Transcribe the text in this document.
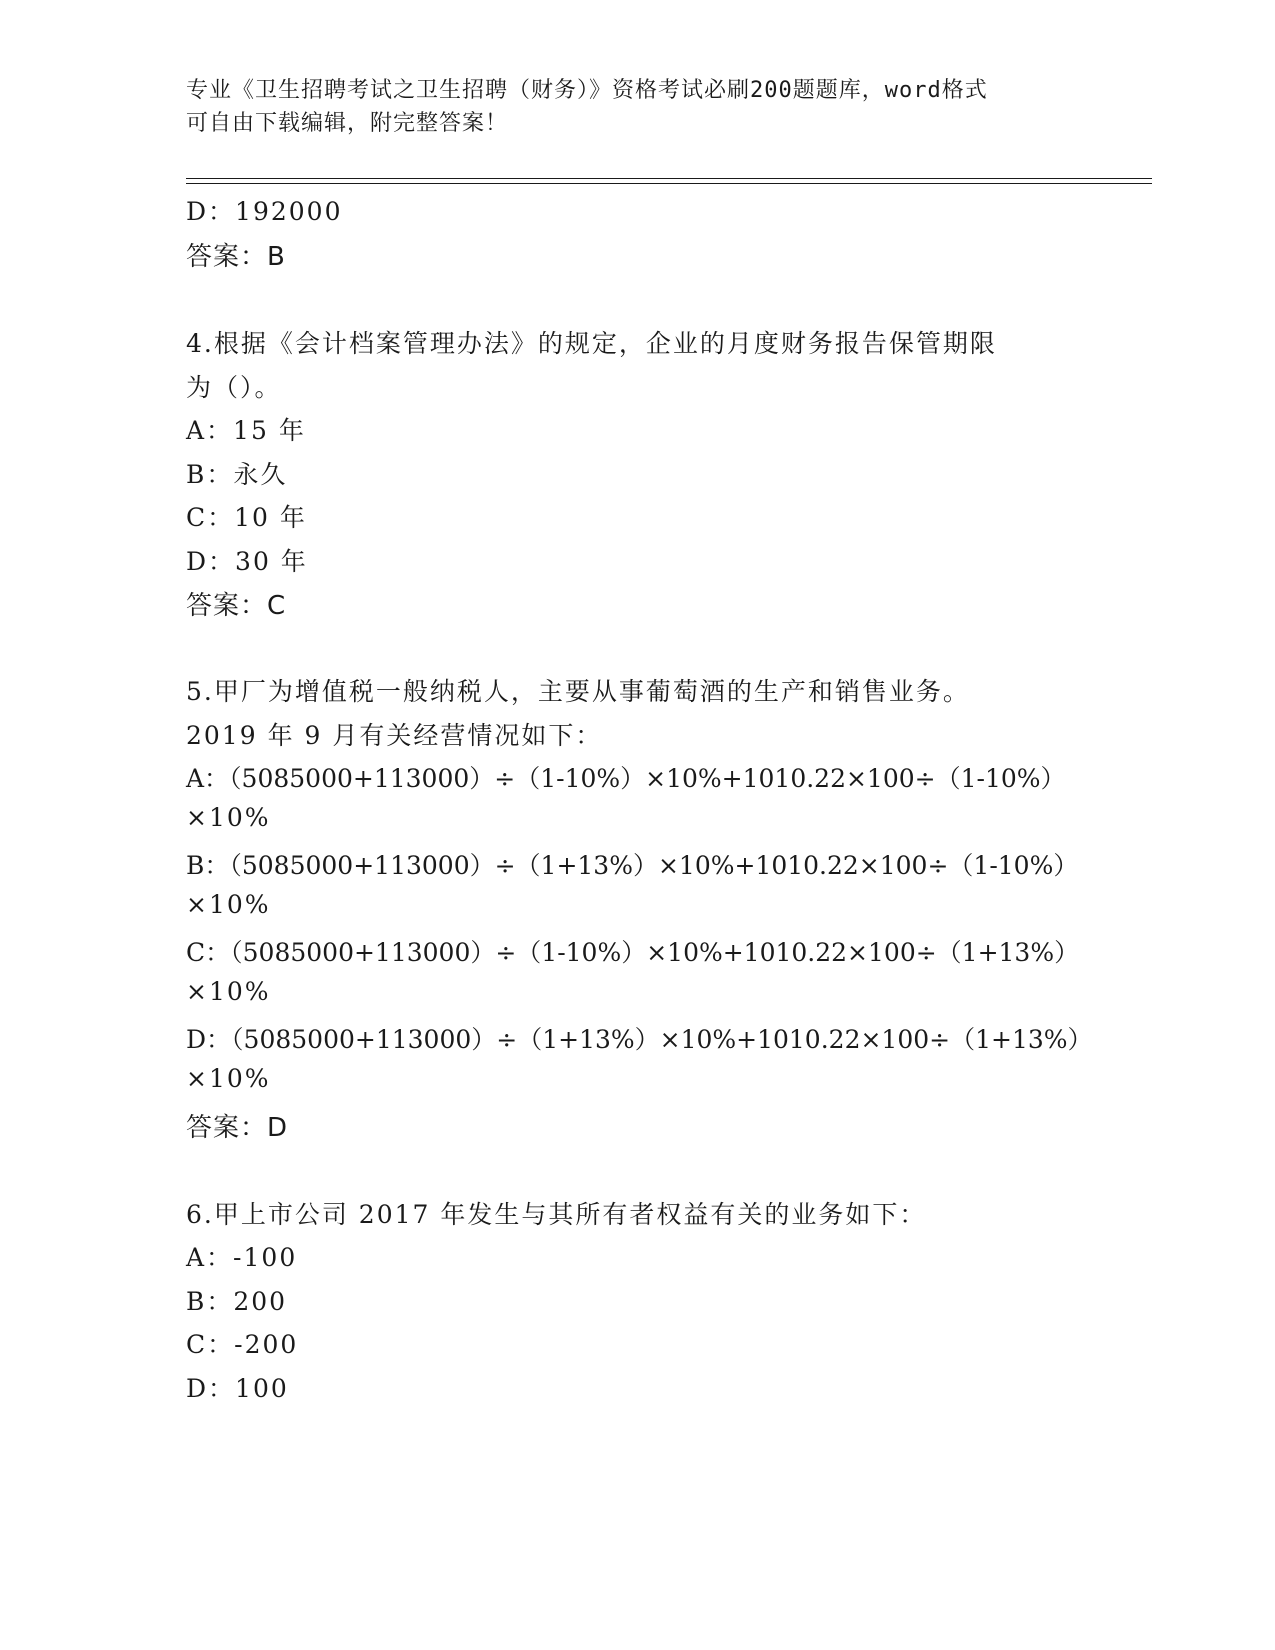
专业《卫生招聘考试之卫生招聘（财务）》资格考试必刷200题题库，word格式
可自由下载编辑，附完整答案！
D：192000
答案：B
4.根据《会计档案管理办法》的规定，企业的月度财务报告保管期限
为（）。
A：15 年
B：永久
C：10 年
D：30 年
答案：C
5.甲厂为增值税一般纳税人，主要从事葡萄酒的生产和销售业务。
2019 年 9 月有关经营情况如下：
A：（5085000+113000）÷（1-10%）×10%+1010.22×100÷（1-10%）
×10%
B：（5085000+113000）÷（1+13%）×10%+1010.22×100÷（1-10%）
×10%
C：（5085000+113000）÷（1-10%）×10%+1010.22×100÷（1+13%）
×10%
D：（5085000+113000）÷（1+13%）×10%+1010.22×100÷（1+13%）
×10%
答案：D
6.甲上市公司 2017 年发生与其所有者权益有关的业务如下：
A：-100
B：200
C：-200
D：100
